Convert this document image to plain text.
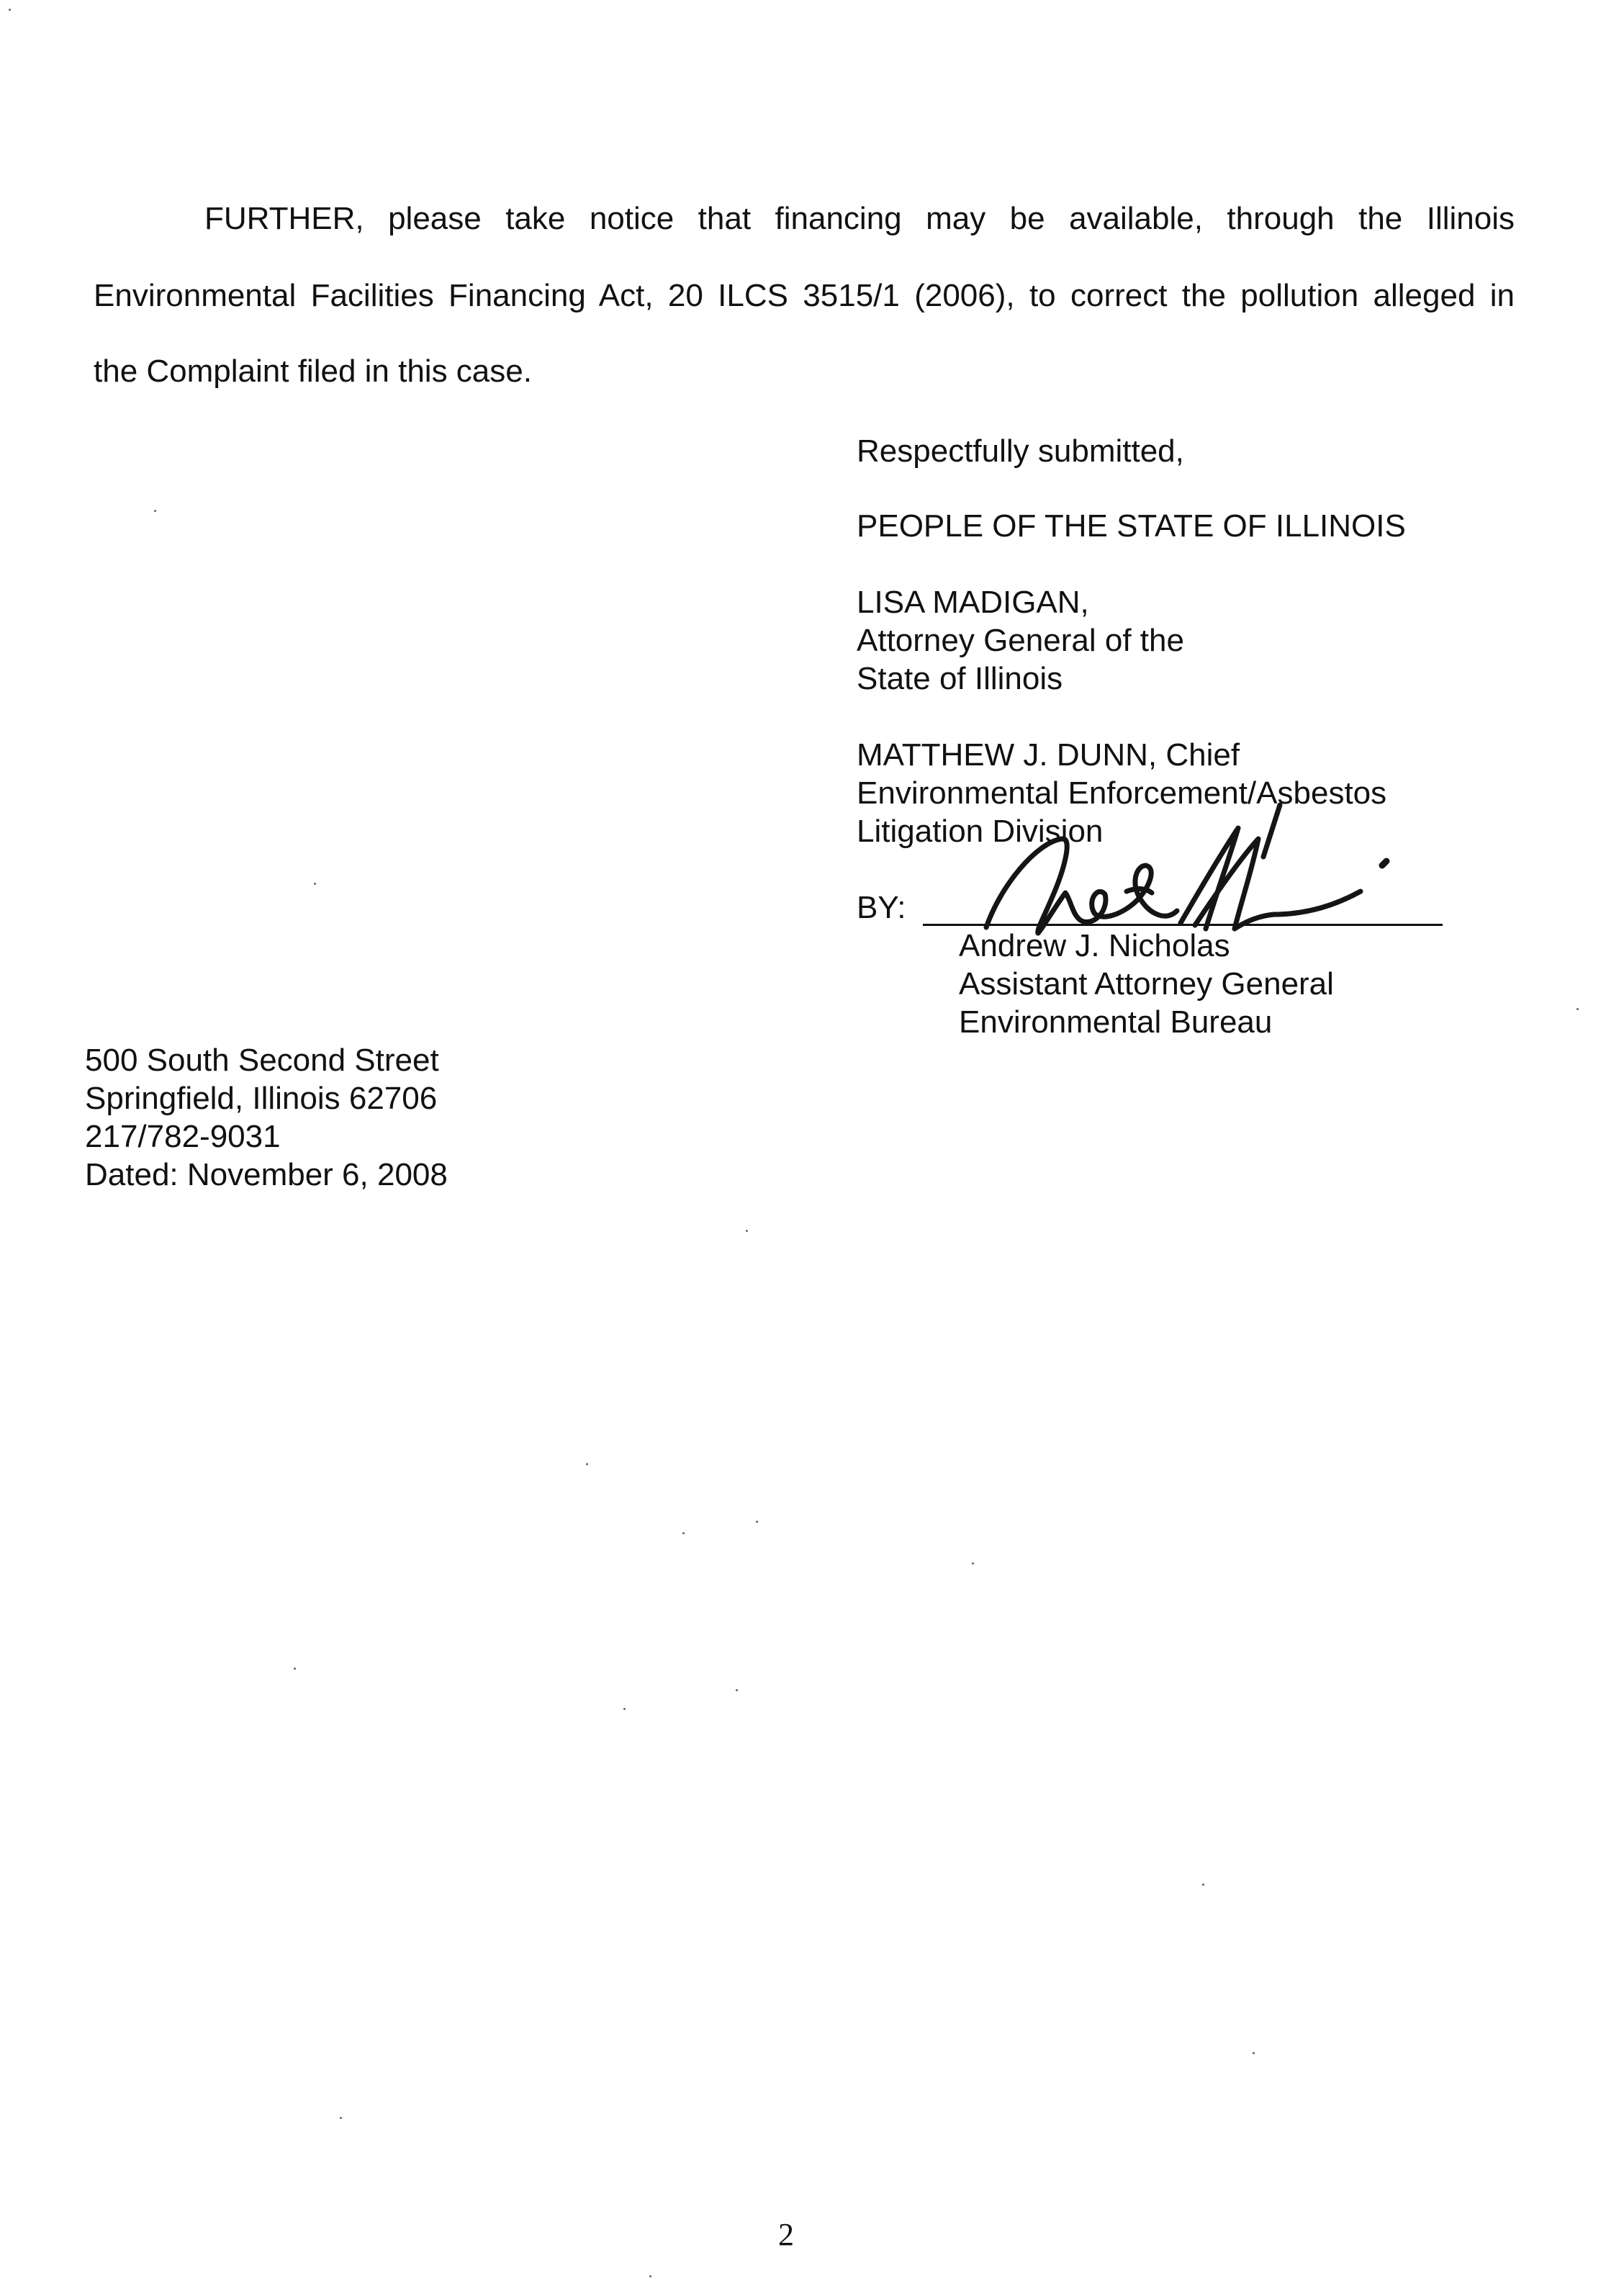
FURTHER, please take notice that financing may be available, through the Illinois
Environmental Facilities Financing Act, 20 ILCS 3515/1 (2006), to correct the pollution alleged in
the Complaint filed in this case.
Respectfully submitted,
PEOPLE OF THE STATE OF ILLINOIS
LISA MADIGAN,
Attorney General of the
State of Illinois
MATTHEW J. DUNN, Chief
Environmental Enforcement/Asbestos
Litigation Division
BY:
Andrew J. Nicholas
Assistant Attorney General
Environmental Bureau
500 South Second Street
Springfield, Illinois 62706
217/782-9031
Dated: November 6, 2008
2
